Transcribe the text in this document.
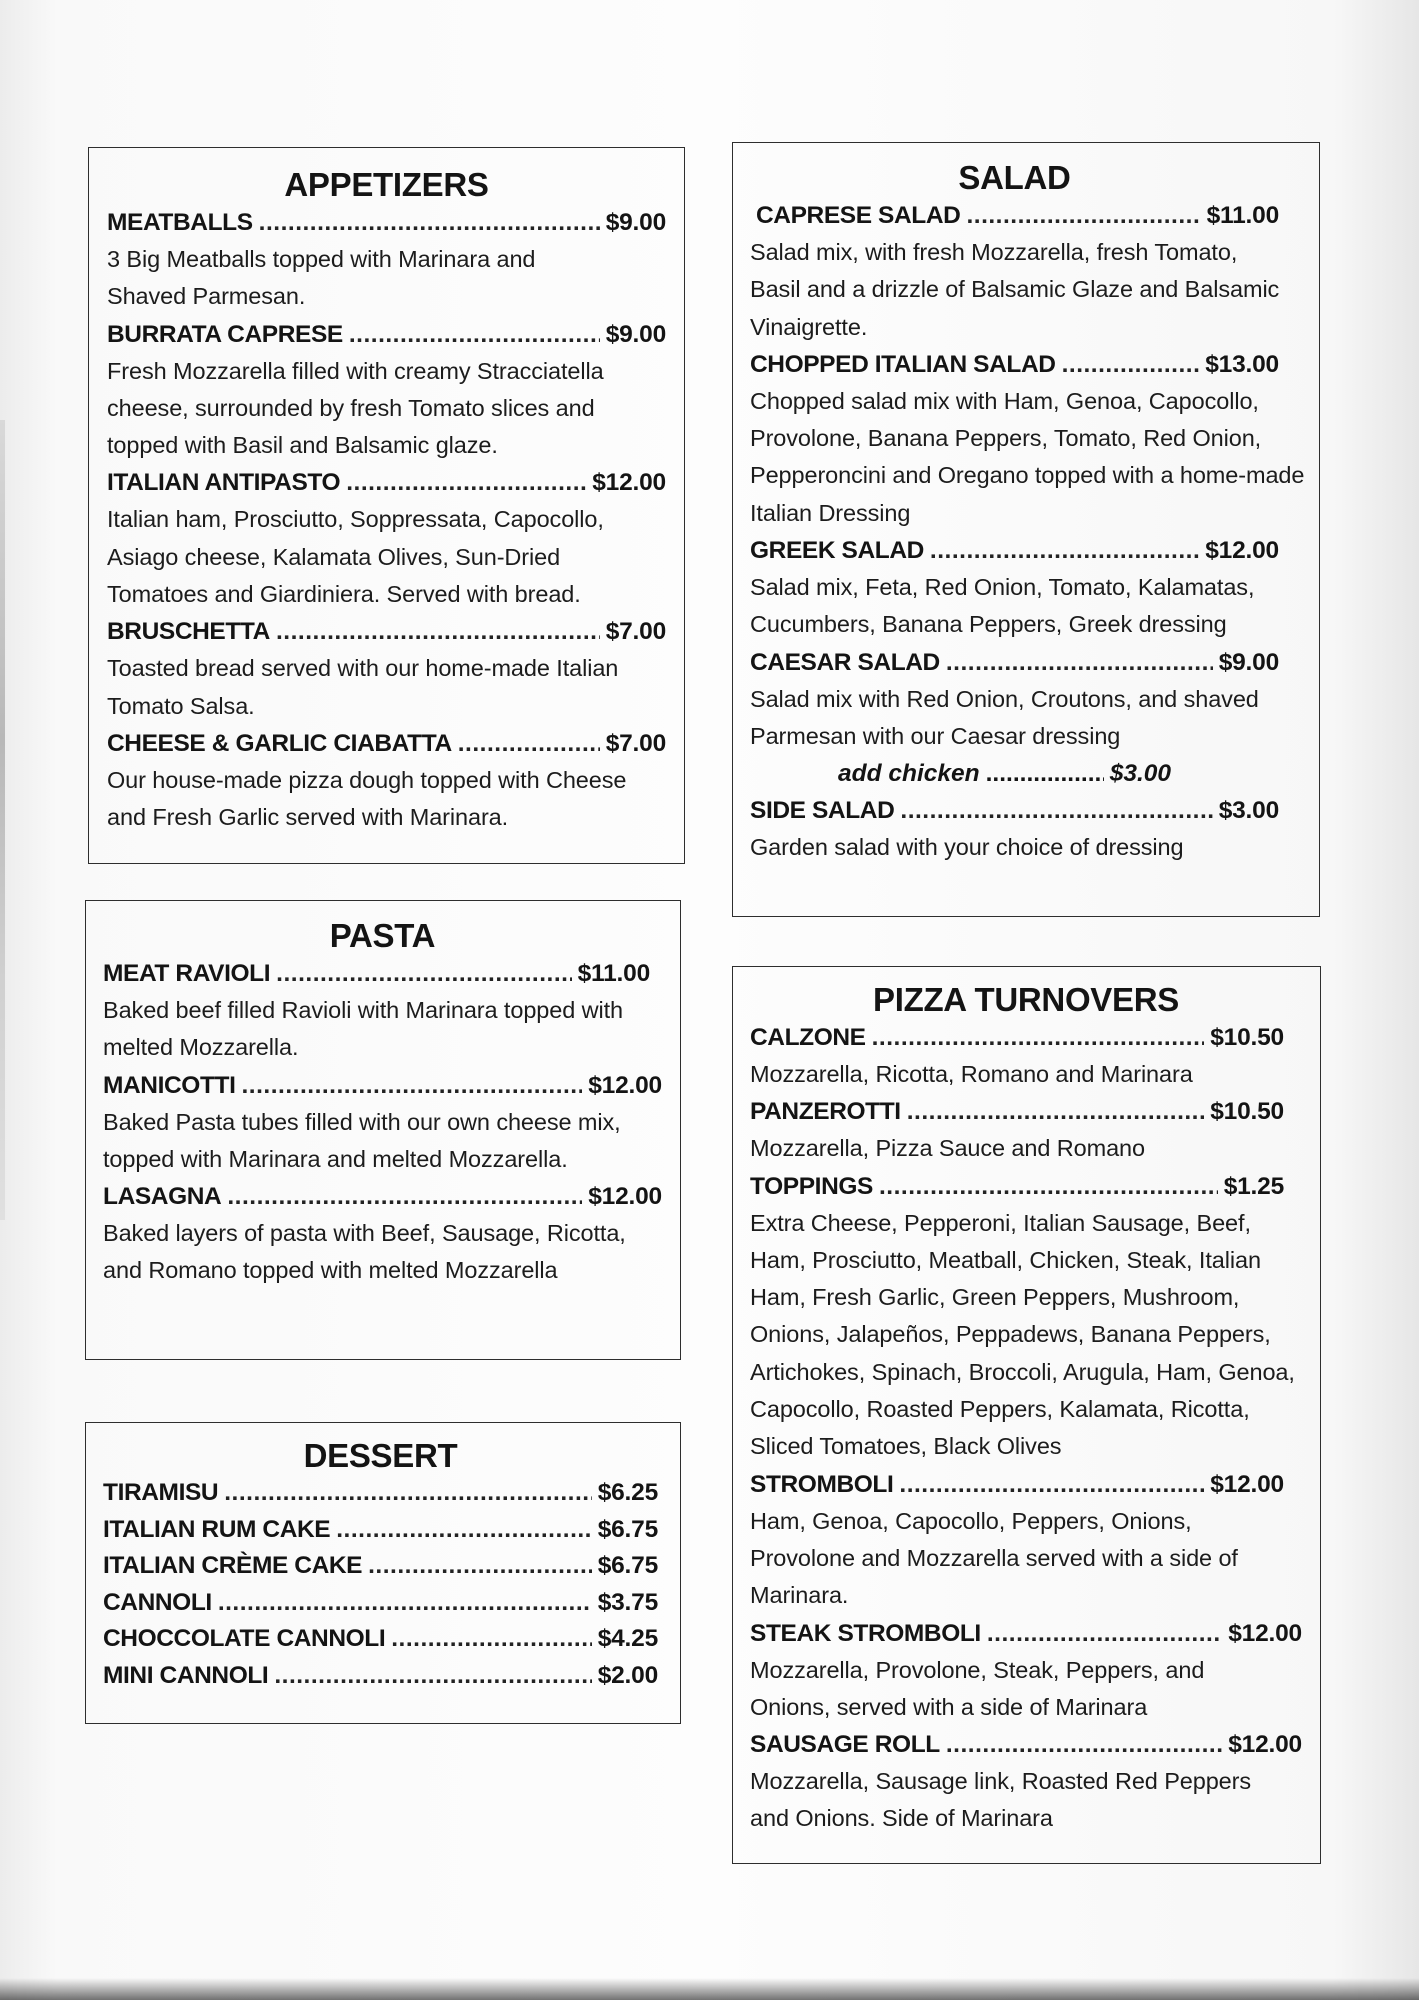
APPETIZERS
MEATBALLS .....	$9.00
3 Big Meatballs topped with Marinara and Shaved Parmesan.
BURRATA CAPRESE .....	$9.00
Fresh Mozzarella filled with creamy Stracciatella cheese, surrounded by fresh Tomato slices and topped with Basil and Balsamic glaze.
ITALIAN ANTIPASTO .....	$12.00
Italian ham, Prosciutto, Soppressata, Capocollo, Asiago cheese, Kalamata Olives, Sun-Dried Tomatoes and Giardiniera. Served with bread.
BRUSCHETTA .....	$7.00
Toasted bread served with our home-made Italian Tomato Salsa.
CHEESE & GARLIC CIABATTA .....	$7.00
Our house-made pizza dough topped with Cheese and Fresh Garlic served with Marinara.
PASTA
MEAT RAVIOLI .....	$11.00
Baked beef filled Ravioli with Marinara topped with melted Mozzarella.
MANICOTTI .....	$12.00
Baked Pasta tubes filled with our own cheese mix, topped with Marinara and melted Mozzarella.
LASAGNA .....	$12.00
Baked layers of pasta with Beef, Sausage, Ricotta, and Romano topped with melted Mozzarella
DESSERT
TIRAMISU .....	$6.25
ITALIAN RUM CAKE .....	$6.75
ITALIAN CRÈME CAKE .....	$6.75
CANNOLI .....	$3.75
CHOCCOLATE CANNOLI .....	$4.25
MINI CANNOLI .....	$2.00
SALAD
CAPRESE SALAD .....	$11.00
Salad mix, with fresh Mozzarella, fresh Tomato, Basil and a drizzle of Balsamic Glaze and Balsamic Vinaigrette.
CHOPPED ITALIAN SALAD .....	$13.00
Chopped salad mix with Ham, Genoa, Capocollo, Provolone, Banana Peppers, Tomato, Red Onion, Pepperoncini and Oregano topped with a home-made Italian Dressing
GREEK SALAD .....	$12.00
Salad mix, Feta, Red Onion, Tomato, Kalamatas, Cucumbers, Banana Peppers, Greek dressing
CAESAR SALAD .....	$9.00
Salad mix with Red Onion, Croutons, and shaved Parmesan with our Caesar dressing
add chicken .....	$3.00
SIDE SALAD .....	$3.00
Garden salad with your choice of dressing
PIZZA TURNOVERS
CALZONE .....	$10.50
Mozzarella, Ricotta, Romano and Marinara
PANZEROTTI .....	$10.50
Mozzarella, Pizza Sauce and Romano
TOPPINGS .....	$1.25
Extra Cheese, Pepperoni, Italian Sausage, Beef, Ham, Prosciutto, Meatball, Chicken, Steak, Italian Ham, Fresh Garlic, Green Peppers, Mushroom, Onions, Jalapeños, Peppadews, Banana Peppers, Artichokes, Spinach, Broccoli, Arugula, Ham, Genoa, Capocollo, Roasted Peppers, Kalamata, Ricotta, Sliced Tomatoes, Black Olives
STROMBOLI .....	$12.00
Ham, Genoa, Capocollo, Peppers, Onions, Provolone and Mozzarella served with a side of Marinara.
STEAK STROMBOLI .....	$12.00
Mozzarella, Provolone, Steak, Peppers, and Onions, served with a side of Marinara
SAUSAGE ROLL .....	$12.00
Mozzarella, Sausage link, Roasted Red Peppers and Onions. Side of Marinara
